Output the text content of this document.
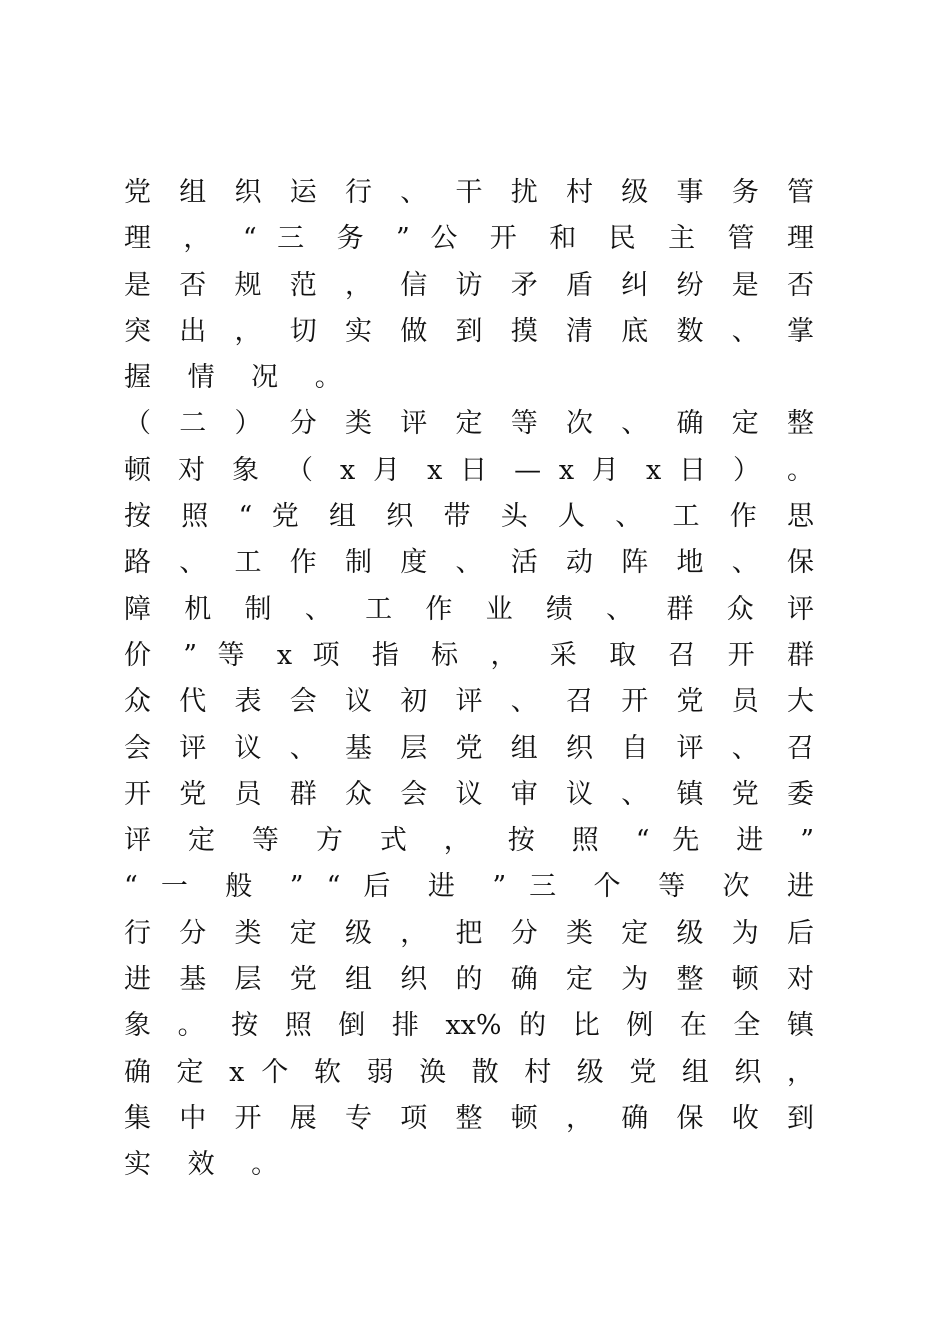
党 组 织 运 行 、 干 扰 村 级 事 务 管
理 ， “ 三 务 ” 公 开 和 民 主 管 理
是 否 规 范 ， 信 访 矛 盾 纠 纷 是 否
突 出 ， 切 实 做 到 摸 清 底 数 、 掌
握 情 况 。
（ 二 ） 分 类 评 定 等 次 、 确 定 整
顿 对 象 （ x 月 x 日 — x 月 x 日 ） 。
按 照 “ 党 组 织 带 头 人 、 工 作 思
路 、 工 作 制 度 、 活 动 阵 地 、 保
障 机 制 、 工 作 业 绩 、 群 众 评
价 ” 等 x 项 指 标 ， 采 取 召 开 群
众 代 表 会 议 初 评 、 召 开 党 员 大
会 评 议 、 基 层 党 组 织 自 评 、 召
开 党 员 群 众 会 议 审 议 、 镇 党 委
评 定 等 方 式 ， 按 照 “ 先 进 ”
“ 一 般 ” “ 后 进 ” 三 个 等 次 进
行 分 类 定 级 ， 把 分 类 定 级 为 后
进 基 层 党 组 织 的 确 定 为 整 顿 对
象 。 按 照 倒 排 xx% 的 比 例 在 全 镇
确 定 x 个 软 弱 涣 散 村 级 党 组 织 ，
集 中 开 展 专 项 整 顿 ， 确 保 收 到
实 效 。
